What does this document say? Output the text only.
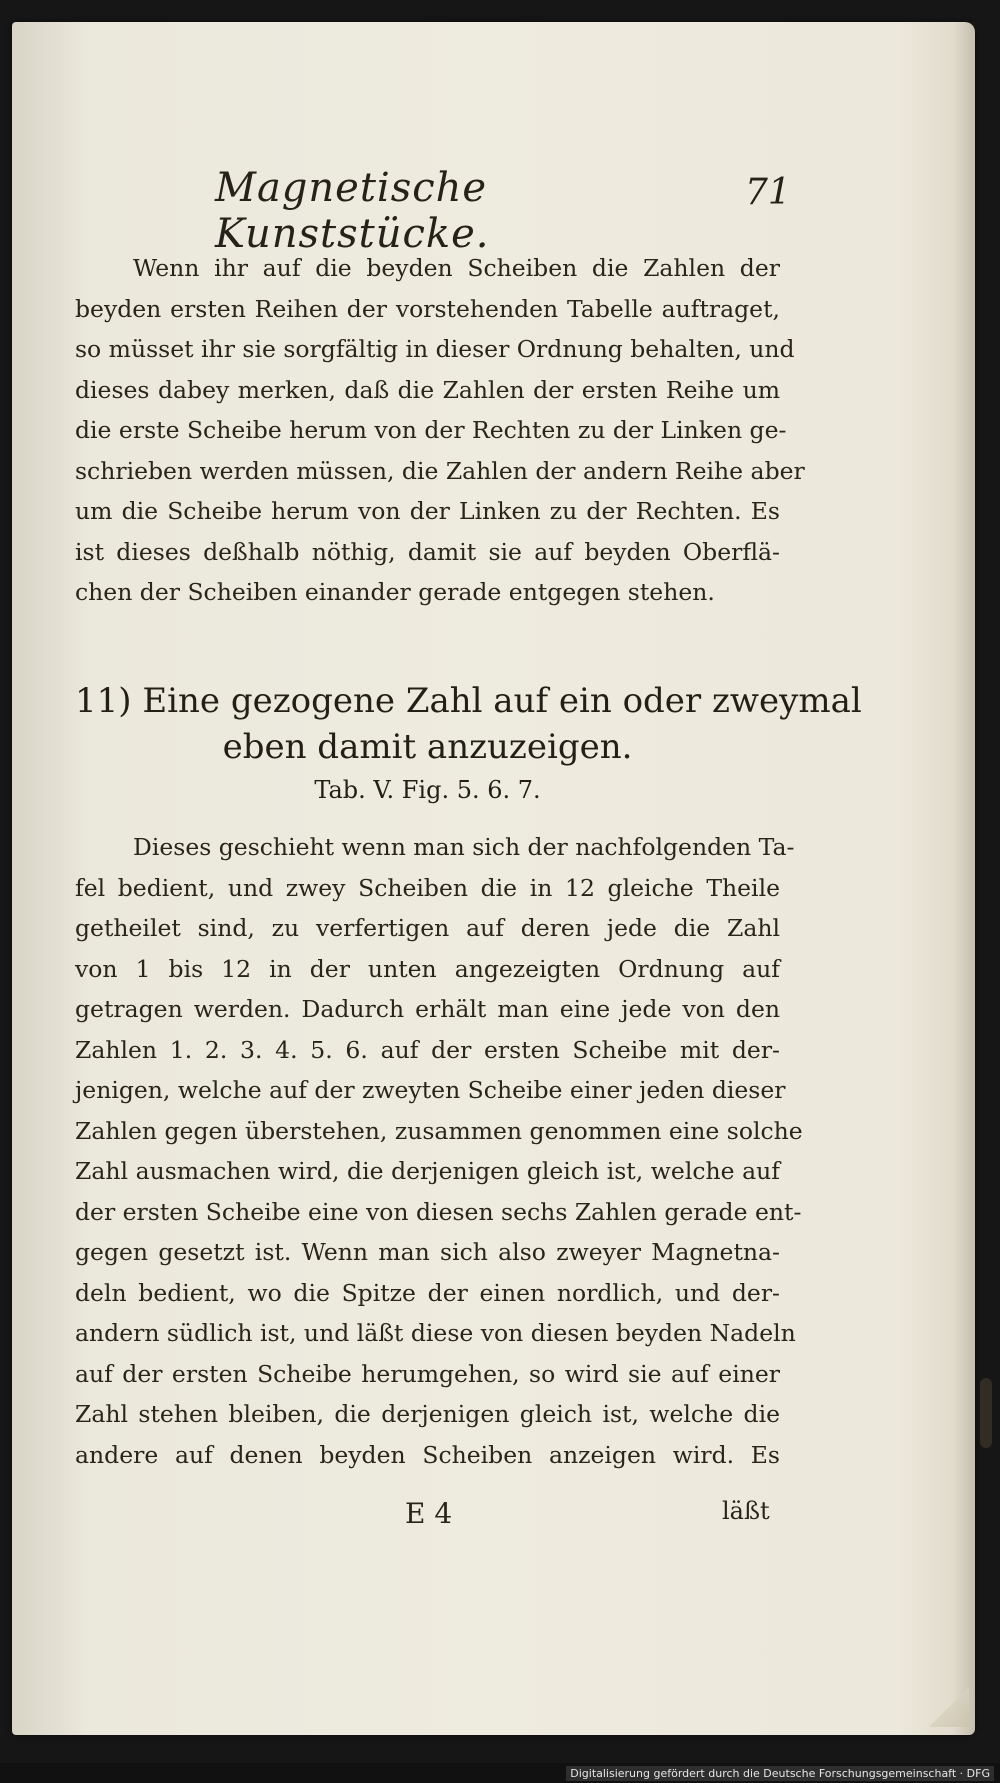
Magnetische Kunststücke.
71

Wenn ihr auf die beyden Scheiben die Zahlen der
beyden ersten Reihen der vorstehenden Tabelle auftraget,
so müsset ihr sie sorgfältig in dieser Ordnung behalten, und
dieses dabey merken, daß die Zahlen der ersten Reihe um
die erste Scheibe herum von der Rechten zu der Linken ge-
schrieben werden müssen, die Zahlen der andern Reihe aber
um die Scheibe herum von der Linken zu der Rechten. Es
ist dieses deßhalb nöthig, damit sie auf beyden Oberflä-
chen der Scheiben einander gerade entgegen stehen.

11) Eine gezogene Zahl auf ein oder zweymal
eben damit anzuzeigen.
Tab. V. Fig. 5. 6. 7.

Dieses geschieht wenn man sich der nachfolgenden Ta-
fel bedient, und zwey Scheiben die in 12 gleiche Theile
getheilet sind, zu verfertigen auf deren jede die Zahl
von 1 bis 12 in der unten angezeigten Ordnung auf
getragen werden. Dadurch erhält man eine jede von den
Zahlen 1. 2. 3. 4. 5. 6. auf der ersten Scheibe mit der-
jenigen, welche auf der zweyten Scheibe einer jeden dieser
Zahlen gegen überstehen, zusammen genommen eine solche
Zahl ausmachen wird, die derjenigen gleich ist, welche auf
der ersten Scheibe eine von diesen sechs Zahlen gerade ent-
gegen gesetzt ist. Wenn man sich also zweyer Magnetna-
deln bedient, wo die Spitze der einen nordlich, und der-
andern südlich ist, und läßt diese von diesen beyden Nadeln
auf der ersten Scheibe herumgehen, so wird sie auf einer
Zahl stehen bleiben, die derjenigen gleich ist, welche die
andere auf denen beyden Scheiben anzeigen wird. Es

E 4	läßt
Digitalisierung gefördert durch die Deutsche Forschungsgemeinschaft · DFG
